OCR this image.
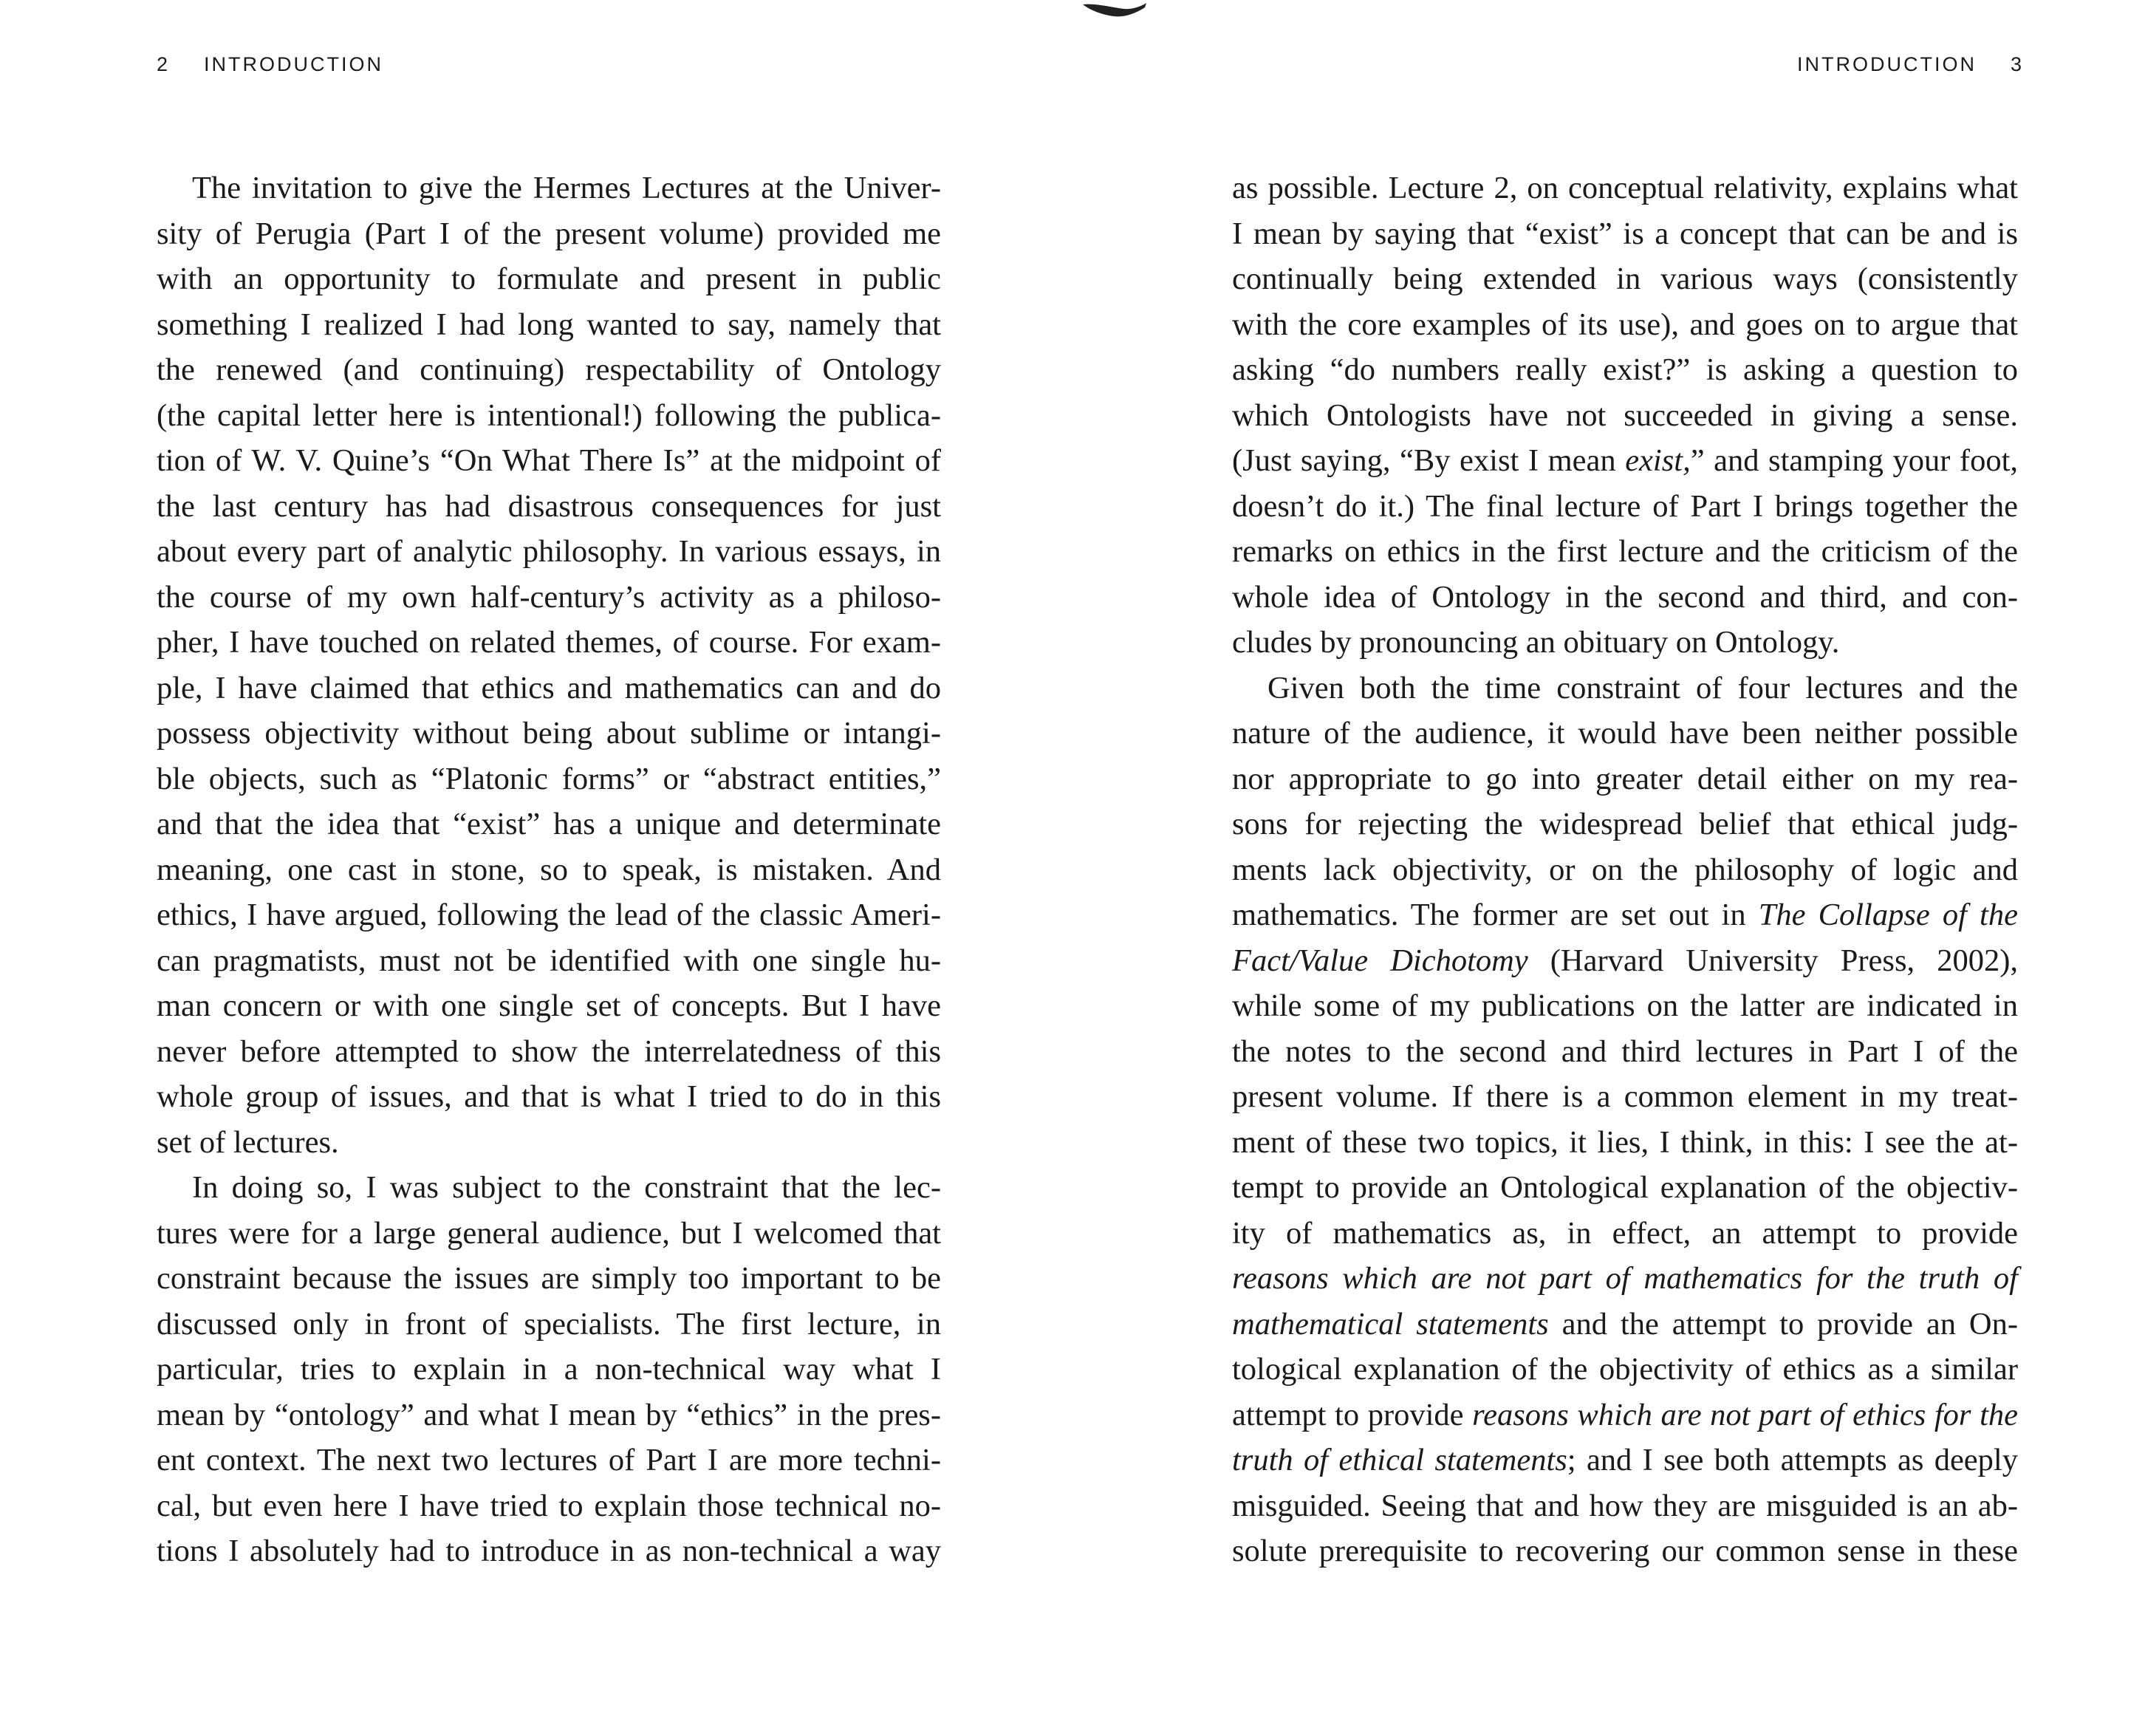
2 INTRODUCTION
The invitation to give the Hermes Lectures at the Univer-
sity of Perugia (Part I of the present volume) provided me
with an opportunity to formulate and present in public
something I realized I had long wanted to say, namely that
the renewed (and continuing) respectability of Ontology
(the capital letter here is intentional!) following the publica-
tion of W. V. Quine’s “On What There Is” at the midpoint of
the last century has had disastrous consequences for just
about every part of analytic philosophy. In various essays, in
the course of my own half-century’s activity as a philoso-
pher, I have touched on related themes, of course. For exam-
ple, I have claimed that ethics and mathematics can and do
possess objectivity without being about sublime or intangi-
ble objects, such as “Platonic forms” or “abstract entities,”
and that the idea that “exist” has a unique and determinate
meaning, one cast in stone, so to speak, is mistaken. And
ethics, I have argued, following the lead of the classic Ameri-
can pragmatists, must not be identified with one single hu-
man concern or with one single set of concepts. But I have
never before attempted to show the interrelatedness of this
whole group of issues, and that is what I tried to do in this
set of lectures.
In doing so, I was subject to the constraint that the lec-
tures were for a large general audience, but I welcomed that
constraint because the issues are simply too important to be
discussed only in front of specialists. The first lecture, in
particular, tries to explain in a non-technical way what I
mean by “ontology” and what I mean by “ethics” in the pres-
ent context. The next two lectures of Part I are more techni-
cal, but even here I have tried to explain those technical no-
tions I absolutely had to introduce in as non-technical a way
INTRODUCTION 3
as possible. Lecture 2, on conceptual relativity, explains what
I mean by saying that “exist” is a concept that can be and is
continually being extended in various ways (consistently
with the core examples of its use), and goes on to argue that
asking “do numbers really exist?” is asking a question to
which Ontologists have not succeeded in giving a sense.
(Just saying, “By exist I mean exist,” and stamping your foot,
doesn’t do it.) The final lecture of Part I brings together the
remarks on ethics in the first lecture and the criticism of the
whole idea of Ontology in the second and third, and con-
cludes by pronouncing an obituary on Ontology.
Given both the time constraint of four lectures and the
nature of the audience, it would have been neither possible
nor appropriate to go into greater detail either on my rea-
sons for rejecting the widespread belief that ethical judg-
ments lack objectivity, or on the philosophy of logic and
mathematics. The former are set out in The Collapse of the
Fact/Value Dichotomy (Harvard University Press, 2002),
while some of my publications on the latter are indicated in
the notes to the second and third lectures in Part I of the
present volume. If there is a common element in my treat-
ment of these two topics, it lies, I think, in this: I see the at-
tempt to provide an Ontological explanation of the objectiv-
ity of mathematics as, in effect, an attempt to provide
reasons which are not part of mathematics for the truth of
mathematical statements and the attempt to provide an On-
tological explanation of the objectivity of ethics as a similar
attempt to provide reasons which are not part of ethics for the
truth of ethical statements; and I see both attempts as deeply
misguided. Seeing that and how they are misguided is an ab-
solute prerequisite to recovering our common sense in these
